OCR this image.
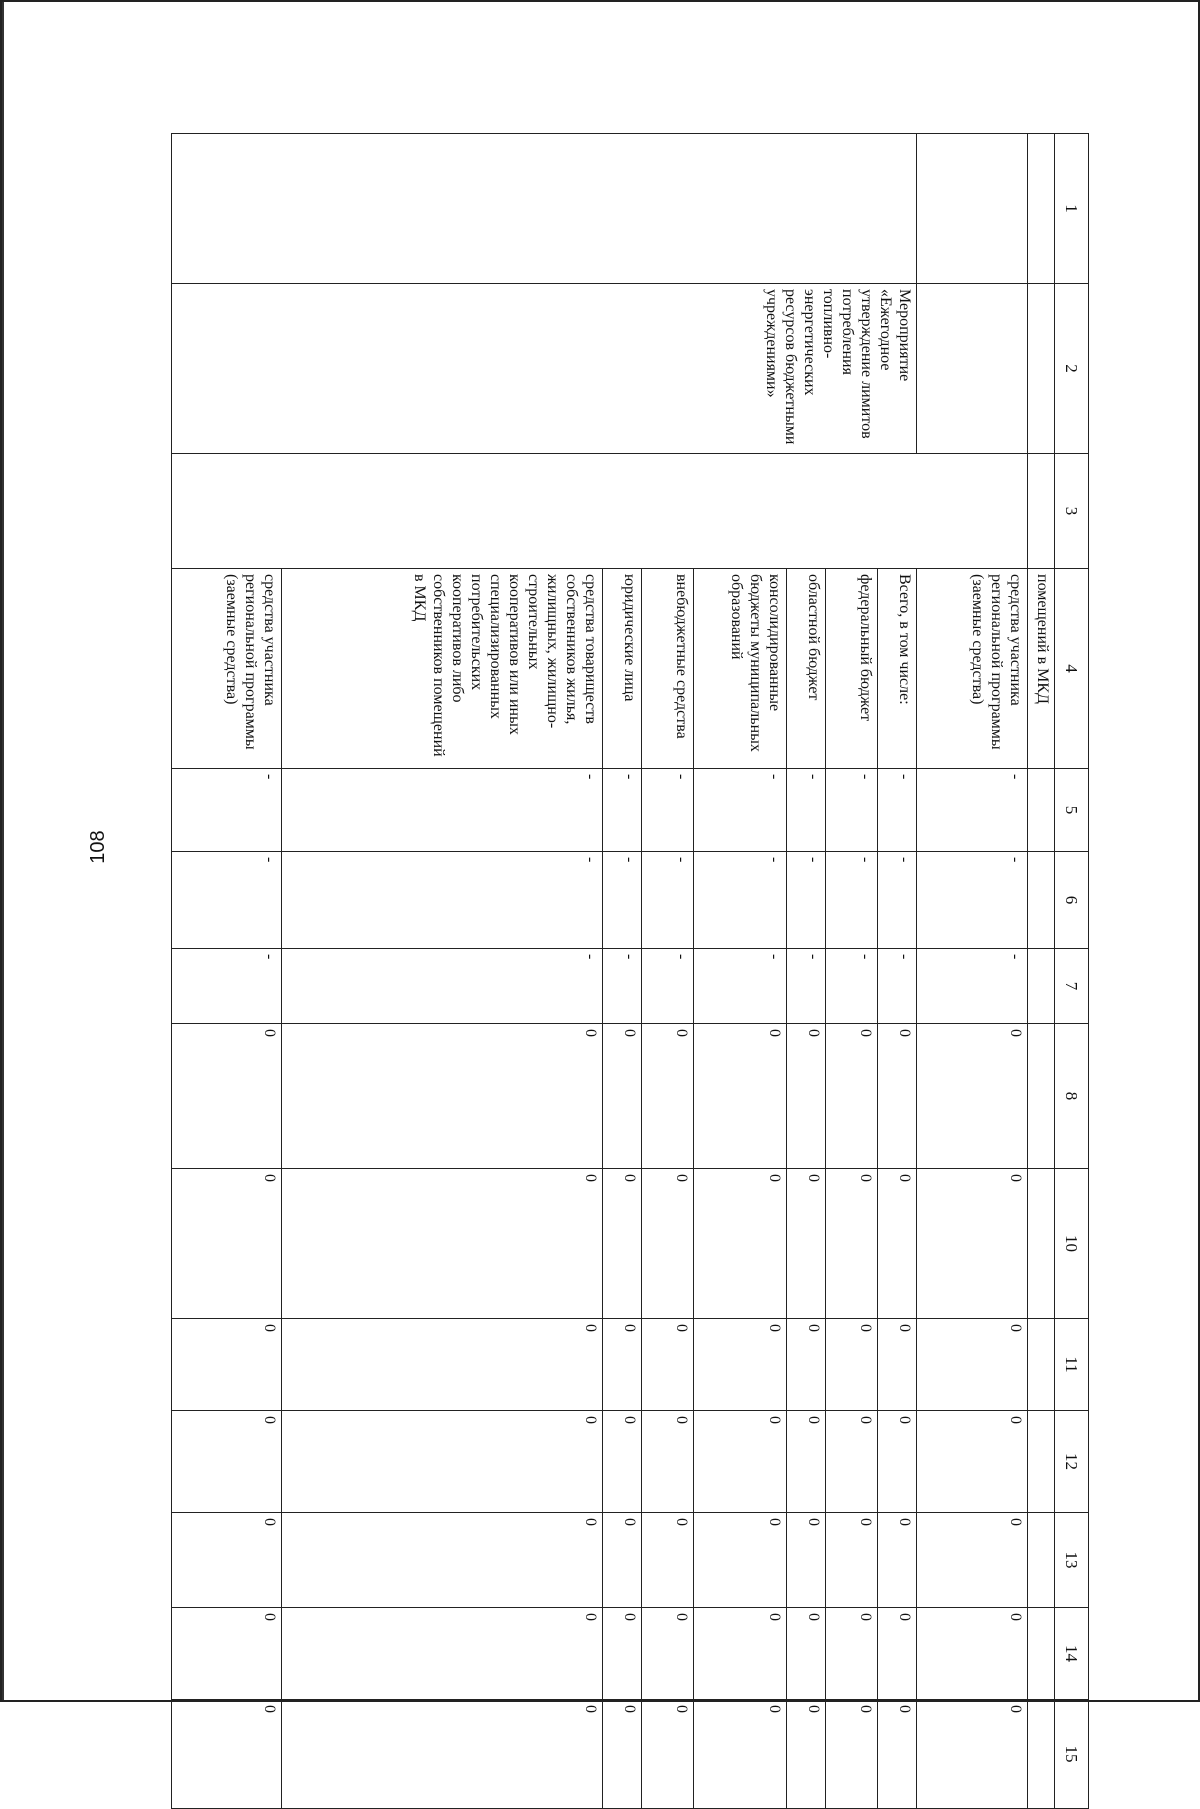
108
1	2	3	4	5	6	7	8	10	11	12	13	14	15
			помещений в МКД										
			средства участника региональной программы (заемные средства)	-	-	-	0	0	0	0	0	0	0
	Мероприятие «Ежегодное утверждение лимитов потребления топливно-энергетических ресурсов бюджетными учреждениями»		Всего, в том числе:	-	-	-	0	0	0	0	0	0	0
			федеральный бюджет	-	-	-	0	0	0	0	0	0	0
			областной бюджет	-	-	-	0	0	0	0	0	0	0
			консолидированные бюджеты муниципальных образований	-	-	-	0	0	0	0	0	0	0
			внебюджетные средства	-	-	-	0	0	0	0	0	0	0
			юридические лица	-	-	-	0	0	0	0	0	0	0
			средства товариществ собственников жилья, жилищных, жилищно-строительных кооперативов или иных специализированных потребительских кооперативов либо собственников помещений в МКД	-	-	-	0	0	0	0	0	0	0
			средства участника региональной программы (заемные средства)	-	-	-	0	0	0	0	0	0	0
